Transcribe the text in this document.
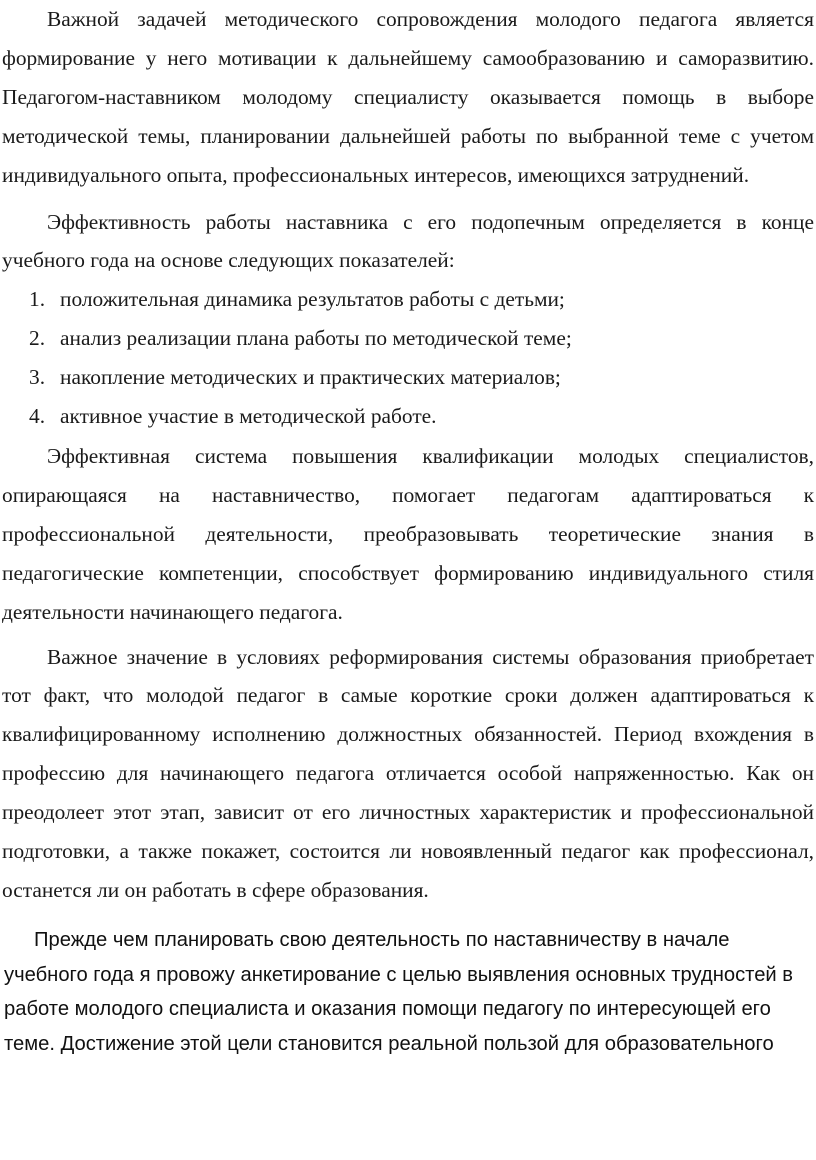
Важной задачей методического сопровождения молодого педагога является формирование у него мотивации к дальнейшему самообразованию и саморазвитию. Педагогом-наставником молодому специалисту оказывается помощь в выборе методической темы, планировании дальнейшей работы по выбранной теме с учетом индивидуального опыта, профессиональных интересов, имеющихся затруднений.

Эффективность работы наставника с его подопечным определяется в конце учебного года на основе следующих показателей:

1. положительная динамика результатов работы с детьми;
2. анализ реализации плана работы по методической теме;
3. накопление методических и практических материалов;
4. активное участие в методической работе.

Эффективная система повышения квалификации молодых специалистов, опирающаяся на наставничество, помогает педагогам адаптироваться к профессиональной деятельности, преобразовывать теоретические знания в педагогические компетенции, способствует формированию индивидуального стиля деятельности начинающего педагога.

Важное значение в условиях реформирования системы образования приобретает тот факт, что молодой педагог в самые короткие сроки должен адаптироваться к квалифицированному исполнению должностных обязанностей. Период вхождения в профессию для начинающего педагога отличается особой напряженностью. Как он преодолеет этот этап, зависит от его личностных характеристик и профессиональной подготовки, а также покажет, состоится ли новоявленный педагог как профессионал, останется ли он работать в сфере образования.

Прежде чем планировать свою деятельность по наставничеству в начале учебного года я провожу анкетирование с целью выявления основных трудностей в работе молодого специалиста и оказания помощи педагогу по интересующей его теме. Достижение этой цели становится реальной пользой для образовательного
